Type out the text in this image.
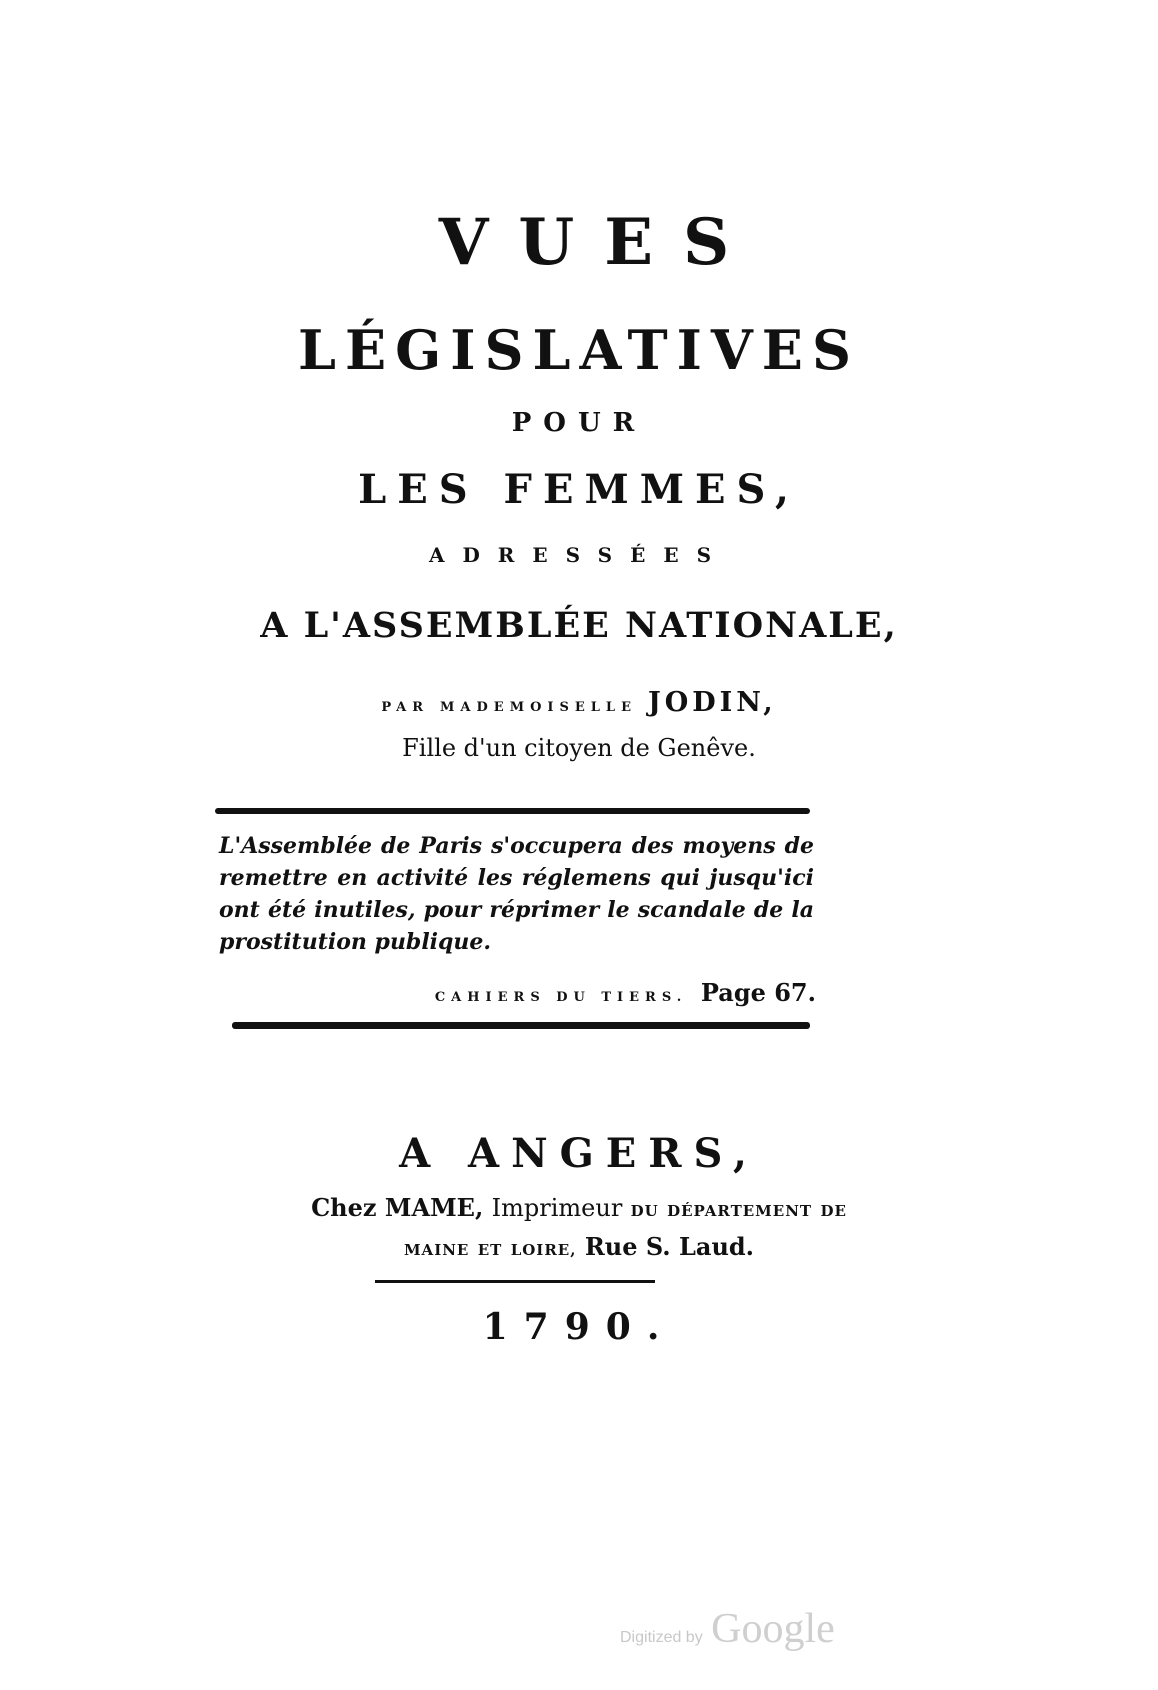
VUES
LÉGISLATIVES
POUR
LES FEMMES,
ADRESSÉES
A L'ASSEMBLÉE NATIONALE,
PAR MADEMOISELLE JODIN,
Fille d'un citoyen de Genêve.
L'Assemblée de Paris s'occupera des moyens de remettre en activité les réglemens qui jusqu'ici ont été inutiles, pour réprimer le scandale de la prostitution publique.
CAHIERS DU TIERS. Page 67.
A ANGERS,
Chez MAME, Imprimeur DU DÉPARTEMENT DE
MAINE ET LOIRE, Rue S. Laud.
1790.
Digitized by Google
